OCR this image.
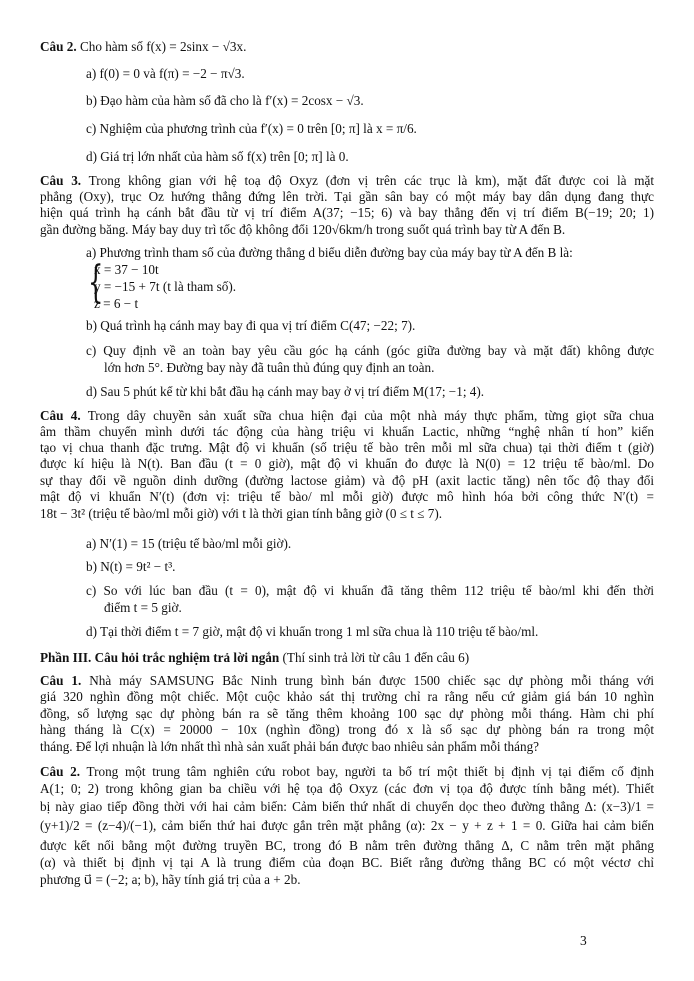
Câu 2. Cho hàm số f(x) = 2sinx − √3x.
a) f(0) = 0 và f(π) = −2 − π√3.
b) Đạo hàm của hàm số đã cho là f′(x) = 2cosx − √3.
c) Nghiệm của phương trình của f′(x) = 0 trên [0; π] là x = π/6.
d) Giá trị lớn nhất của hàm số f(x) trên [0; π] là 0.
Câu 3. Trong không gian với hệ toạ độ Oxyz (đơn vị trên các trục là km), mặt đất được coi là mặt
phẳng (Oxy), trục Oz hướng thẳng đứng lên trời. Tại gần sân bay có một máy bay dân dụng đang thực
hiện quá trình hạ cánh bắt đầu từ vị trí điểm A(37; −15; 6) và bay thẳng đến vị trí điểm B(−19; 20; 1)
gần đường băng. Máy bay duy trì tốc độ không đổi 120√6km/h trong suốt quá trình bay từ A đến B.
a) Phương trình tham số của đường thẳng d biểu diễn đường bay của máy bay từ A đến B là:
{
x = 37 − 10t
y = −15 + 7t (t là tham số).
z = 6 − t
b) Quá trình hạ cánh may bay đi qua vị trí điểm C(47; −22; 7).
c) Quy định về an toàn bay yêu cầu góc hạ cánh (góc giữa đường bay và mặt đất) không được
lớn hơn 5°. Đường bay này đã tuân thủ đúng quy định an toàn.
d) Sau 5 phút kể từ khi bắt đầu hạ cánh may bay ở vị trí điểm M(17; −1; 4).
Câu 4. Trong dây chuyền sản xuất sữa chua hiện đại của một nhà máy thực phẩm, từng giọt sữa chua
âm thầm chuyển mình dưới tác động của hàng triệu vi khuẩn Lactic, những “nghệ nhân tí hon” kiến
tạo vị chua thanh đặc trưng. Mật độ vi khuẩn (số triệu tế bào trên mỗi ml sữa chua) tại thời điểm t (giờ)
được kí hiệu là N(t). Ban đầu (t = 0 giờ), mật độ vi khuẩn đo được là N(0) = 12 triệu tế bào/ml. Do
sự thay đổi về nguồn dinh dưỡng (đường lactose giảm) và độ pH (axit lactic tăng) nên tốc độ thay đổi
mật độ vi khuẩn N′(t) (đơn vị: triệu tế bào/ ml mỗi giờ) được mô hình hóa bởi công thức N′(t) =
18t − 3t² (triệu tế bào/ml mỗi giờ) với t là thời gian tính bằng giờ (0 ≤ t ≤ 7).
a) N′(1) = 15 (triệu tế bào/ml mỗi giờ).
b) N(t) = 9t² − t³.
c) So với lúc ban đầu (t = 0), mật độ vi khuẩn đã tăng thêm 112 triệu tế bào/ml khi đến thời
điểm t = 5 giờ.
d) Tại thời điểm t = 7 giờ, mật độ vi khuẩn trong 1 ml sữa chua là 110 triệu tế bào/ml.
Phần III. Câu hỏi trắc nghiệm trả lời ngắn (Thí sinh trả lời từ câu 1 đến câu 6)
Câu 1. Nhà máy SAMSUNG Bắc Ninh trung bình bán được 1500 chiếc sạc dự phòng mỗi tháng với
giá 320 nghìn đồng một chiếc. Một cuộc khảo sát thị trường chỉ ra rằng nếu cứ giảm giá bán 10 nghìn
đồng, số lượng sạc dự phòng bán ra sẽ tăng thêm khoảng 100 sạc dự phòng mỗi tháng. Hàm chi phí
hàng tháng là C(x) = 20000 − 10x (nghìn đồng) trong đó x là số sạc dự phòng bán ra trong một
tháng. Để lợi nhuận là lớn nhất thì nhà sản xuất phải bán được bao nhiêu sản phẩm mỗi tháng?
Câu 2. Trong một trung tâm nghiên cứu robot bay, người ta bố trí một thiết bị định vị tại điểm cố định
A(1; 0; 2) trong không gian ba chiều với hệ tọa độ Oxyz (các đơn vị tọa độ được tính bằng mét). Thiết
bị này giao tiếp đồng thời với hai cảm biến: Cảm biến thứ nhất di chuyển dọc theo đường thẳng Δ: (x−3)/1 =
(y+1)/2 = (z−4)/(−1), cảm biến thứ hai được gắn trên mặt phẳng (α): 2x − y + z + 1 = 0. Giữa hai cảm biến
được kết nối bằng một đường truyền BC, trong đó B nằm trên đường thẳng Δ, C nằm trên mặt phẳng
(α) và thiết bị định vị tại A là trung điểm của đoạn BC. Biết rằng đường thẳng BC có một véctơ chỉ
phương u⃗ = (−2; a; b), hãy tính giá trị của a + 2b.
3
